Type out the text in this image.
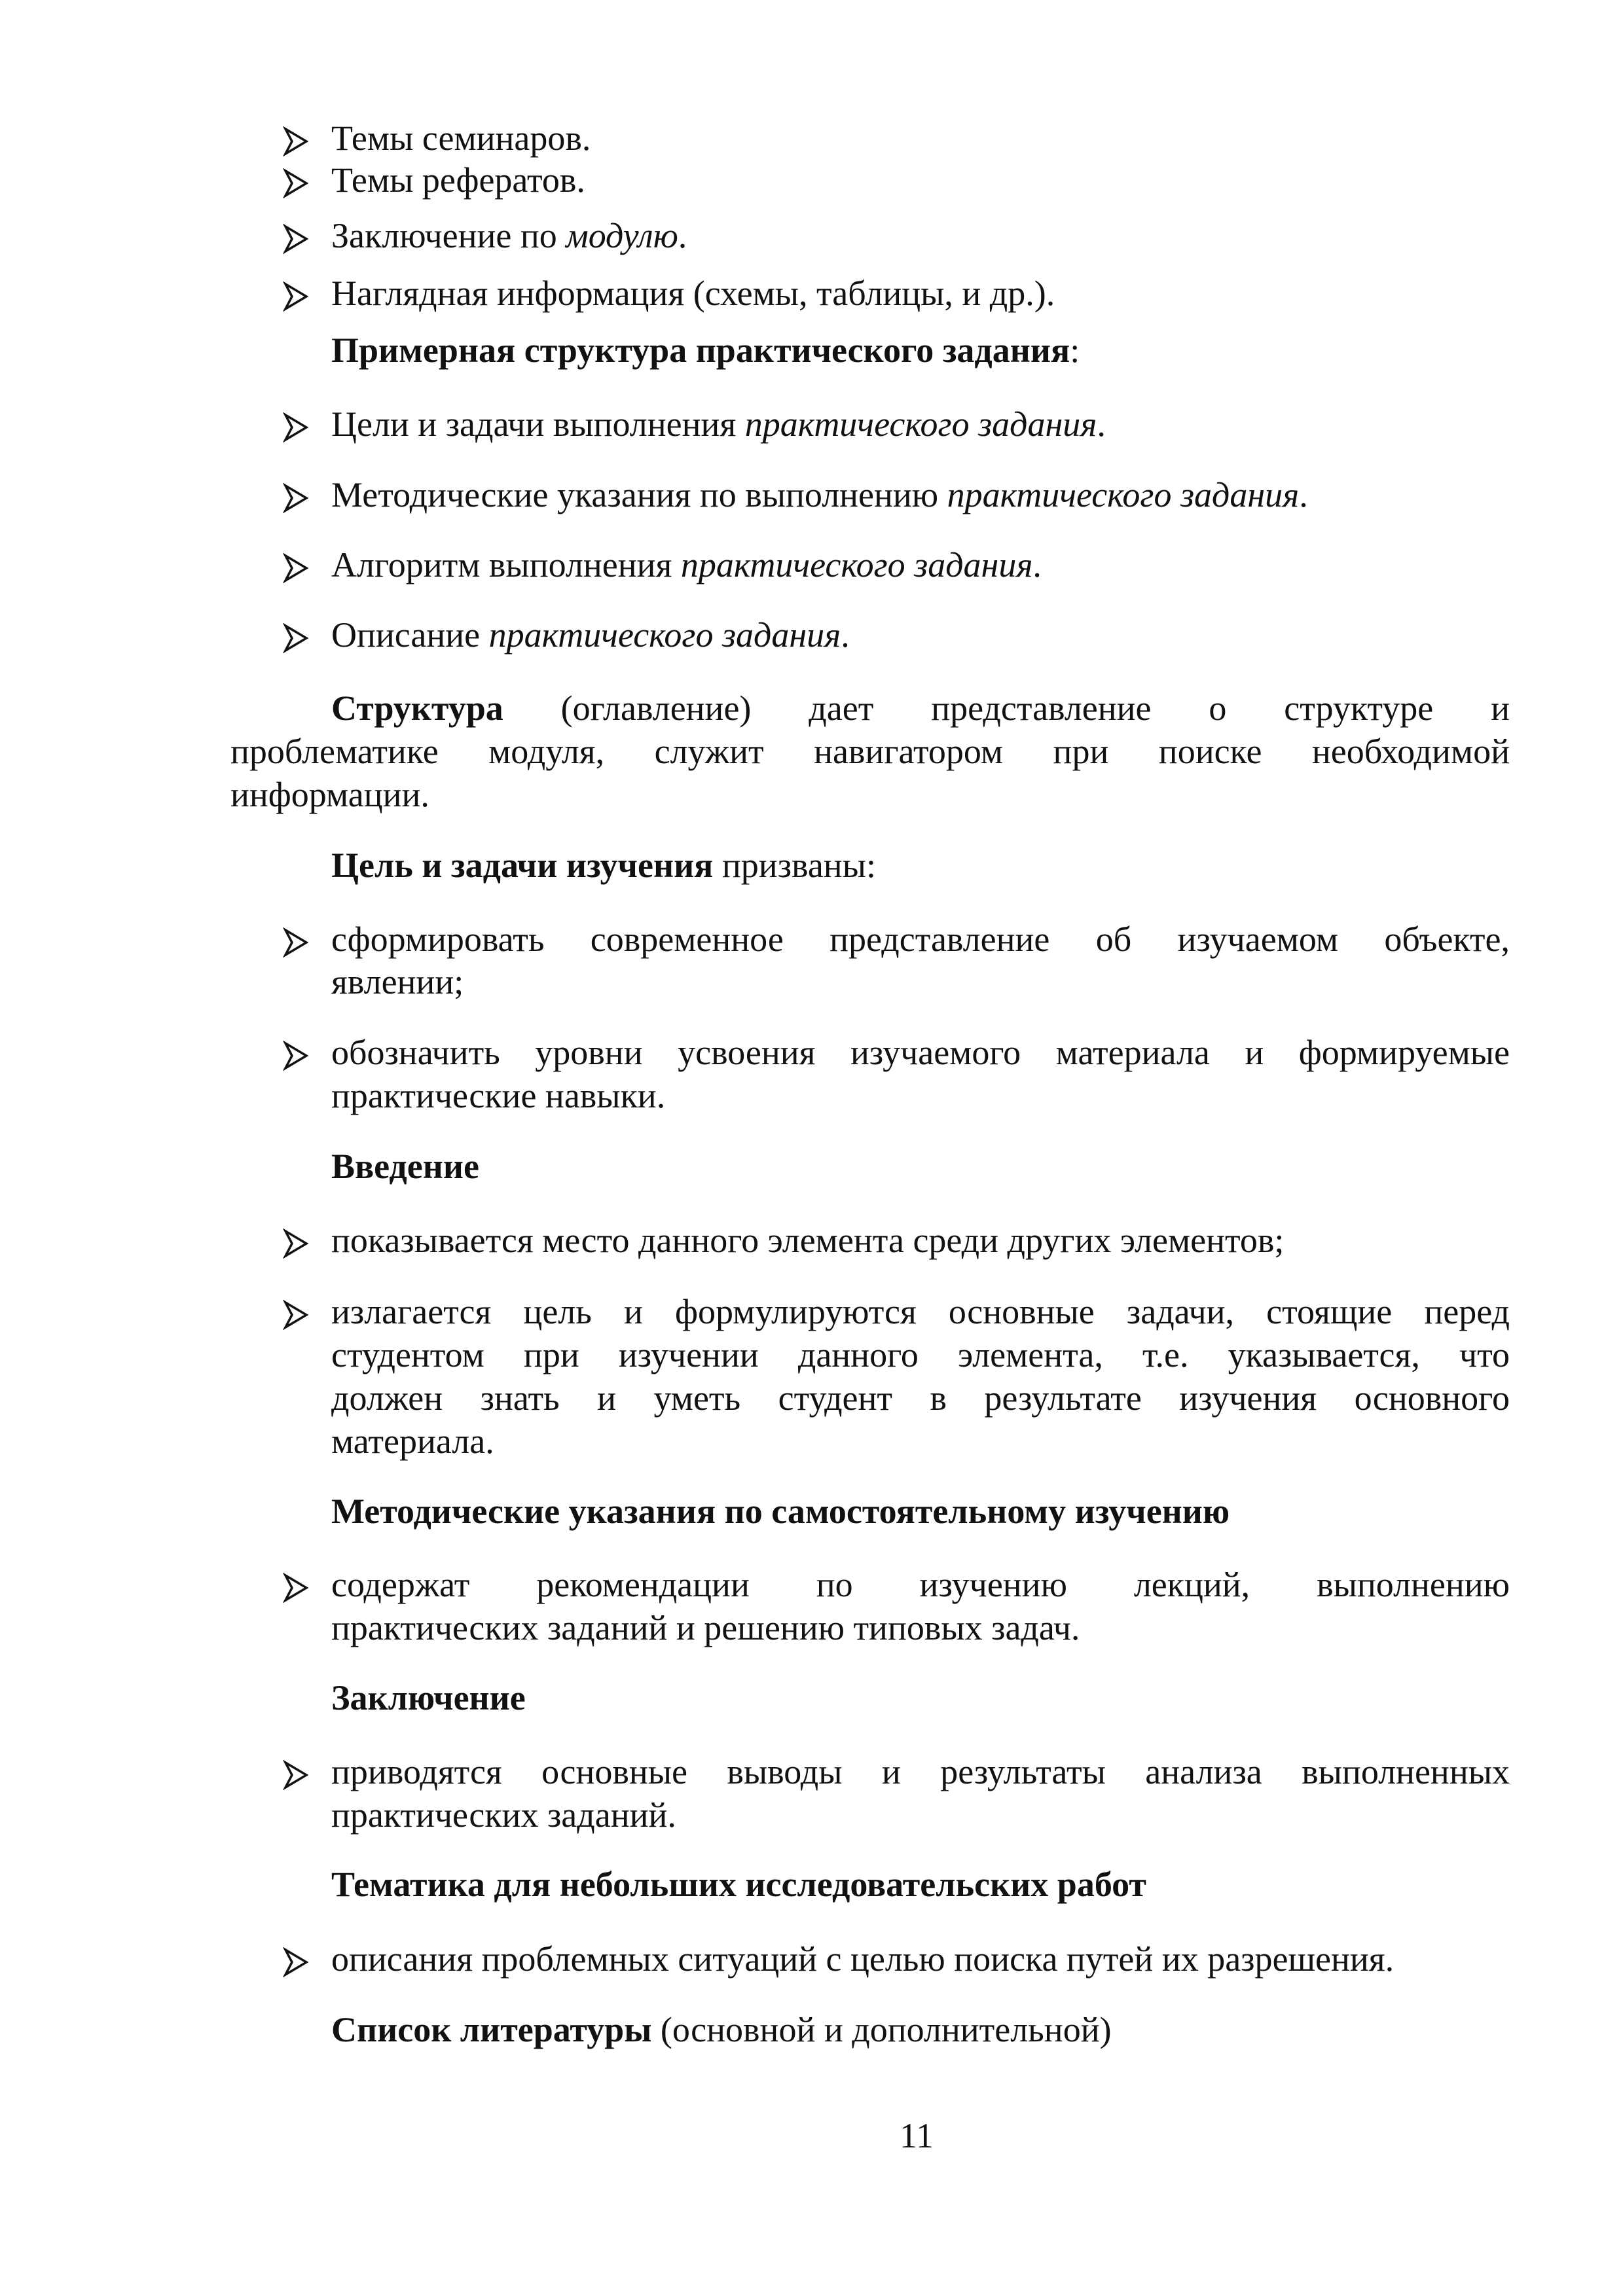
Темы семинаров.
Темы рефератов.
Заключение по модулю.
Наглядная информация (схемы, таблицы, и др.).
Примерная структура практического задания:
Цели и задачи выполнения практического задания.
Методические указания по выполнению практического задания.
Алгоритм выполнения практического задания.
Описание практического задания.
Структура (оглавление) дает представление о структуре и
проблематике модуля, служит навигатором при поиске необходимой
информации.
Цель и задачи изучения призваны:
сформировать современное представление об изучаемом объекте,
явлении;
обозначить уровни усвоения изучаемого материала и формируемые
практические навыки.
Введение
показывается место данного элемента среди других элементов;
излагается цель и формулируются основные задачи, стоящие перед
студентом при изучении данного элемента, т.е. указывается, что
должен знать и уметь студент в результате изучения основного
материала.
Методические указания по самостоятельному изучению
содержат рекомендации по изучению лекций, выполнению
практических заданий и решению типовых задач.
Заключение
приводятся основные выводы и результаты анализа выполненных
практических заданий.
Тематика для небольших исследовательских работ
описания проблемных ситуаций с целью поиска путей их разрешения.
Список литературы (основной и дополнительной)
11
